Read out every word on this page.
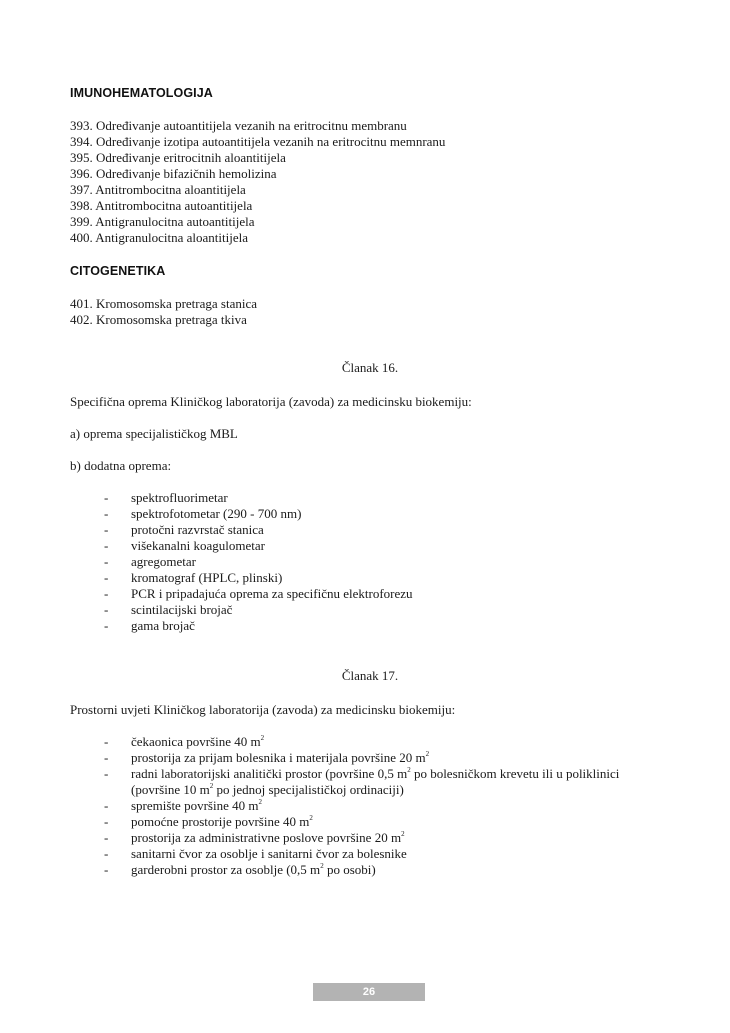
IMUNOHEMATOLOGIJA
393. Određivanje autoantitijela vezanih na eritrocitnu membranu
394. Određivanje izotipa autoantitijela vezanih na eritrocitnu memnranu
395. Određivanje eritrocitnih aloantitijela
396. Određivanje bifazičnih hemolizina
397. Antitrombocitna aloantitijela
398. Antitrombocitna autoantitijela
399. Antigranulocitna autoantitijela
400. Antigranulocitna aloantitijela
CITOGENETIKA
401. Kromosomska pretraga stanica
402. Kromosomska pretraga tkiva
Članak 16.
Specifična oprema Kliničkog laboratorija (zavoda) za medicinsku biokemiju:
a) oprema specijalističkog MBL
b) dodatna oprema:
- spektrofluorimetar
- spektrofotometar (290 - 700 nm)
- protočni razvrstač stanica
- višekanalni koagulometar
- agregometar
- kromatograf (HPLC, plinski)
- PCR i pripadajuća oprema za specifičnu elektroforezu
- scintilacijski brojač
- gama brojač
Članak 17.
Prostorni uvjeti Kliničkog laboratorija (zavoda) za medicinsku biokemiju:
- čekaonica površine 40 $m^2$
- prostorija za prijam bolesnika i materijala površine 20 $m^2$
- radni laboratorijski analitički prostor (površine 0,5 $m^2$ po bolesničkom krevetu ili u poliklinici
(površine 10 $m^2$ po jednoj specijalističkoj ordinaciji)
- spremište površine 40 $m^2$
- pomoćne prostorije površine 40 $m^2$
- prostorija za administrativne poslove površine 20 $m^2$
- sanitarni čvor za osoblje i sanitarni čvor za bolesnike
- garderobni prostor za osoblje (0,5 $m^2$ po osobi)
26
